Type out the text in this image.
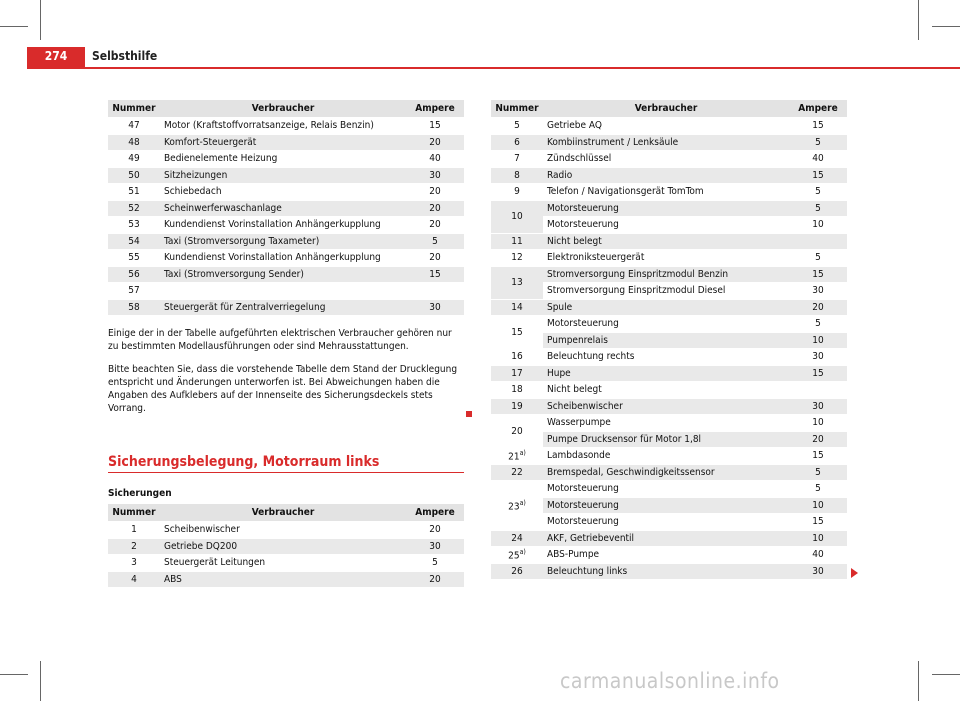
274	Selbsthilfe
Nummer	Verbraucher	Ampere
47	Motor (Kraftstoffvorratsanzeige, Relais Benzin)	15
48	Komfort-Steuergerät	20
49	Bedienelemente Heizung	40
50	Sitzheizungen	30
51	Schiebedach	20
52	Scheinwerferwaschanlage	20
53	Kundendienst Vorinstallation Anhängerkupplung	20
54	Taxi (Stromversorgung Taxameter)	5
55	Kundendienst Vorinstallation Anhängerkupplung	20
56	Taxi (Stromversorgung Sender)	15
57		
58	Steuergerät für Zentralverriegelung	30
Einige der in der Tabelle aufgeführten elektrischen Verbraucher gehören nur zu bestimmten Modellausführungen oder sind Mehrausstattungen.
Bitte beachten Sie, dass die vorstehende Tabelle dem Stand der Drucklegung entspricht und Änderungen unterworfen ist. Bei Abweichungen haben die Angaben des Aufklebers auf der Innenseite des Sicherungsdeckels stets Vorrang.
Sicherungsbelegung, Motorraum links
Sicherungen
Nummer	Verbraucher	Ampere
1	Scheibenwischer	20
2	Getriebe DQ200	30
3	Steuergerät Leitungen	5
4	ABS	20
Nummer	Verbraucher	Ampere
5	Getriebe AQ	15
6	Kombiinstrument / Lenksäule	5
7	Zündschlüssel	40
8	Radio	15
9	Telefon / Navigationsgerät TomTom	5
10	Motorsteuerung	5
	Motorsteuerung	10
11	Nicht belegt	
12	Elektroniksteuergerät	5
13	Stromversorgung Einspritzmodul Benzin	15
	Stromversorgung Einspritzmodul Diesel	30
14	Spule	20
15	Motorsteuerung	5
	Pumpenrelais	10
16	Beleuchtung rechts	30
17	Hupe	15
18	Nicht belegt	
19	Scheibenwischer	30
20	Wasserpumpe	10
	Pumpe Drucksensor für Motor 1,8l	20
21$^{a)}$	Lambdasonde	15
22	Bremspedal, Geschwindigkeitssensor	5
23$^{a)}$	Motorsteuerung	5
	Motorsteuerung	10
	Motorsteuerung	15
24	AKF, Getriebeventil	10
25$^{a)}$	ABS-Pumpe	40
26	Beleuchtung links	30
carmanualsonline.info
